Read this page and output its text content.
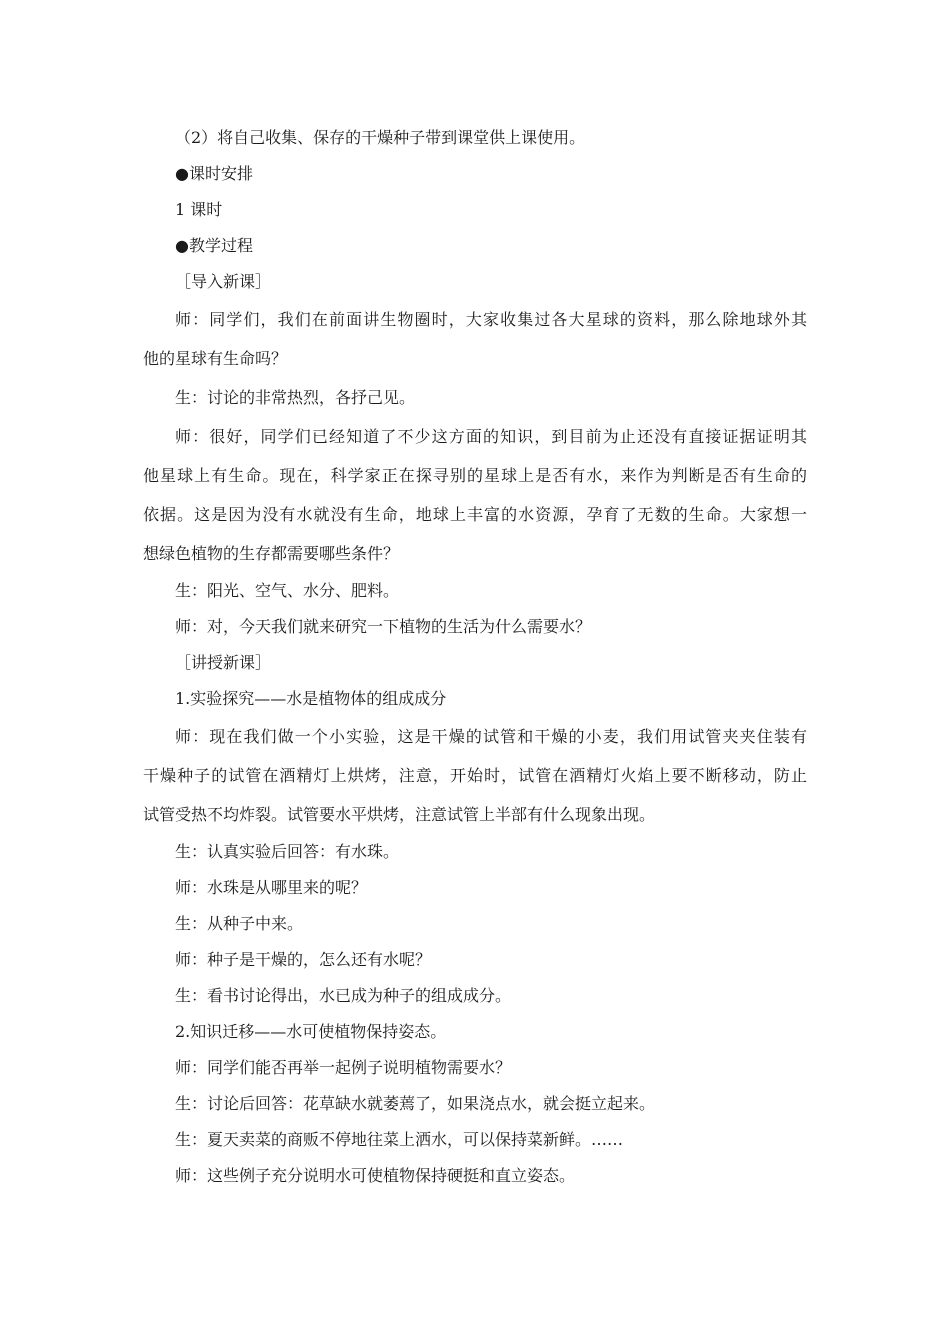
（2）将自己收集、保存的干燥种子带到课堂供上课使用。
●课时安排
1 课时
●教学过程
［导入新课］
师：同学们，我们在前面讲生物圈时，大家收集过各大星球的资料，那么除地球外其
他的星球有生命吗？
生：讨论的非常热烈，各抒己见。
师：很好，同学们已经知道了不少这方面的知识，到目前为止还没有直接证据证明其
他星球上有生命。现在，科学家正在探寻别的星球上是否有水，来作为判断是否有生命的
依据。这是因为没有水就没有生命，地球上丰富的水资源，孕育了无数的生命。大家想一
想绿色植物的生存都需要哪些条件？
生：阳光、空气、水分、肥料。
师：对，今天我们就来研究一下植物的生活为什么需要水？
［讲授新课］
1.实验探究——水是植物体的组成成分
师：现在我们做一个小实验，这是干燥的试管和干燥的小麦，我们用试管夹夹住装有
干燥种子的试管在酒精灯上烘烤，注意，开始时，试管在酒精灯火焰上要不断移动，防止
试管受热不均炸裂。试管要水平烘烤，注意试管上半部有什么现象出现。
生：认真实验后回答：有水珠。
师：水珠是从哪里来的呢？
生：从种子中来。
师：种子是干燥的，怎么还有水呢？
生：看书讨论得出，水已成为种子的组成成分。
2.知识迁移——水可使植物保持姿态。
师：同学们能否再举一起例子说明植物需要水？
生：讨论后回答：花草缺水就萎蔫了，如果浇点水，就会挺立起来。
生：夏天卖菜的商贩不停地往菜上洒水，可以保持菜新鲜。……
师：这些例子充分说明水可使植物保持硬挺和直立姿态。
